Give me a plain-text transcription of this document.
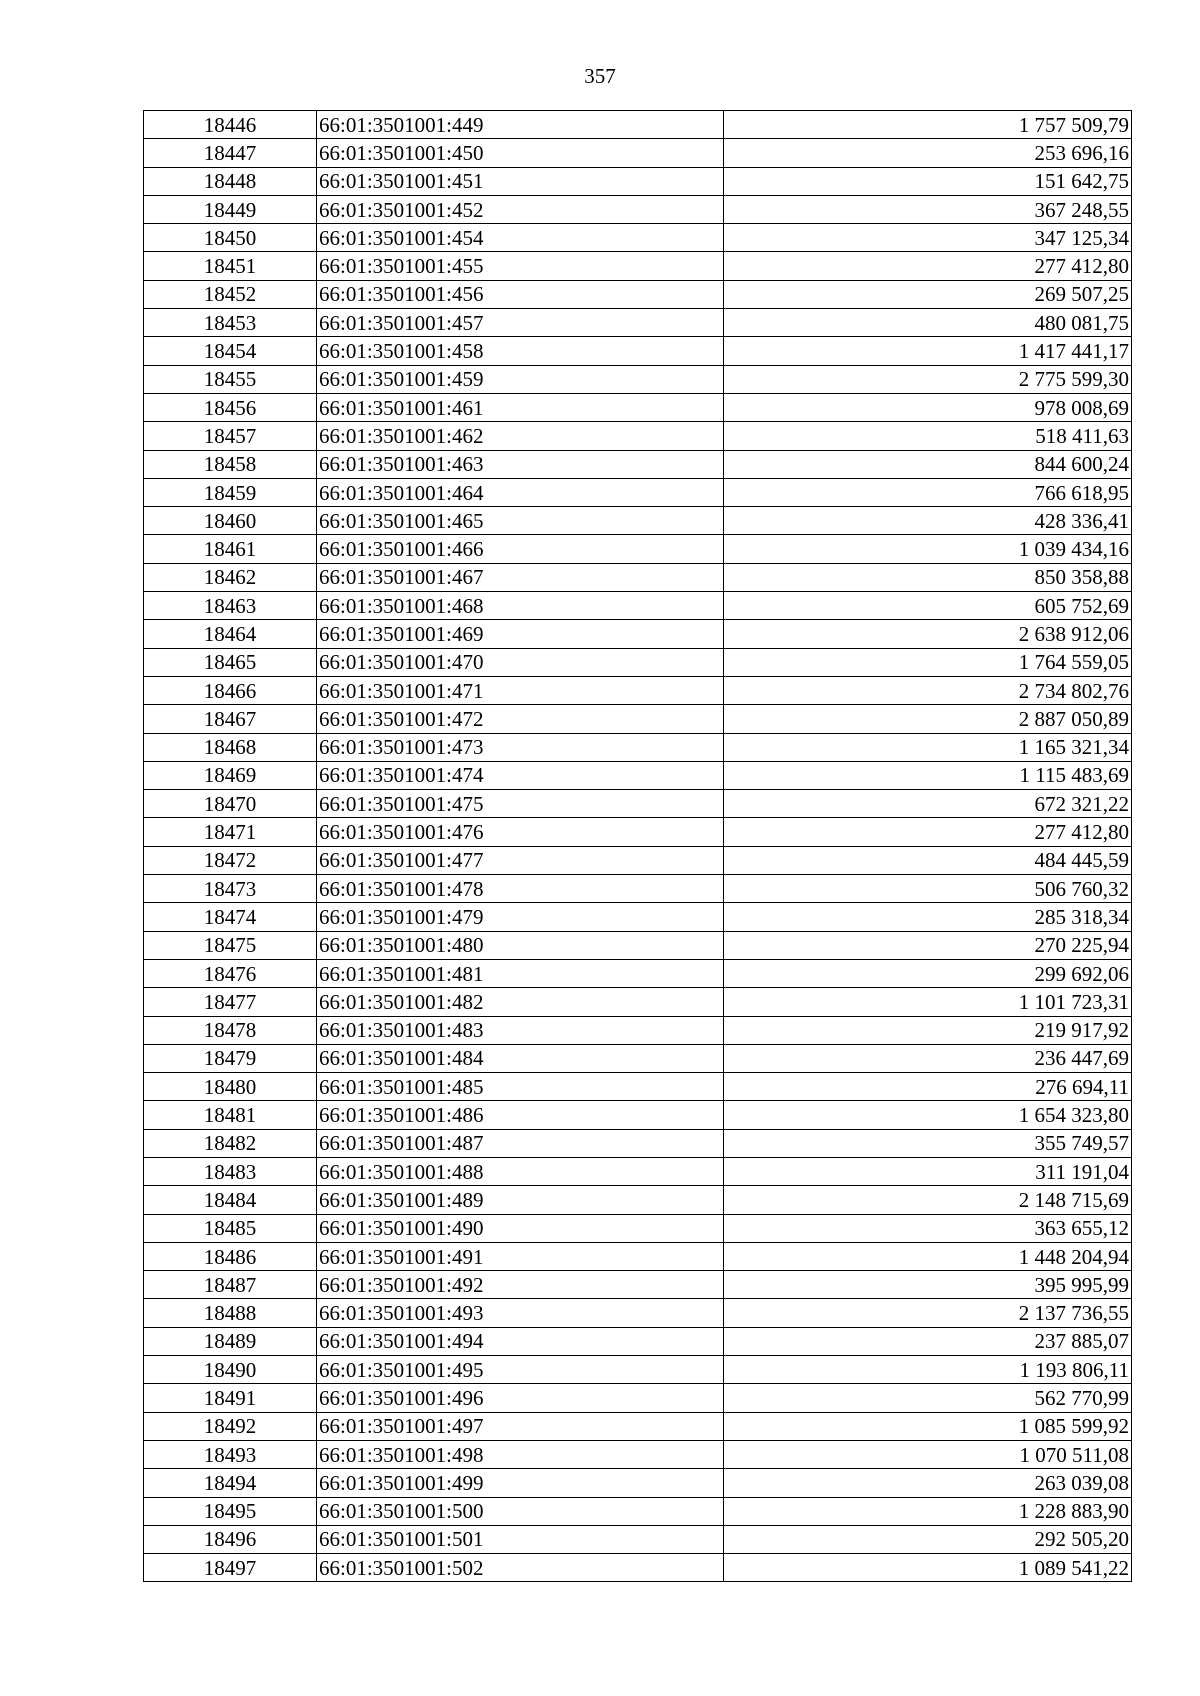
357
18446	66:01:3501001:449	1 757 509,79
18447	66:01:3501001:450	253 696,16
18448	66:01:3501001:451	151 642,75
18449	66:01:3501001:452	367 248,55
18450	66:01:3501001:454	347 125,34
18451	66:01:3501001:455	277 412,80
18452	66:01:3501001:456	269 507,25
18453	66:01:3501001:457	480 081,75
18454	66:01:3501001:458	1 417 441,17
18455	66:01:3501001:459	2 775 599,30
18456	66:01:3501001:461	978 008,69
18457	66:01:3501001:462	518 411,63
18458	66:01:3501001:463	844 600,24
18459	66:01:3501001:464	766 618,95
18460	66:01:3501001:465	428 336,41
18461	66:01:3501001:466	1 039 434,16
18462	66:01:3501001:467	850 358,88
18463	66:01:3501001:468	605 752,69
18464	66:01:3501001:469	2 638 912,06
18465	66:01:3501001:470	1 764 559,05
18466	66:01:3501001:471	2 734 802,76
18467	66:01:3501001:472	2 887 050,89
18468	66:01:3501001:473	1 165 321,34
18469	66:01:3501001:474	1 115 483,69
18470	66:01:3501001:475	672 321,22
18471	66:01:3501001:476	277 412,80
18472	66:01:3501001:477	484 445,59
18473	66:01:3501001:478	506 760,32
18474	66:01:3501001:479	285 318,34
18475	66:01:3501001:480	270 225,94
18476	66:01:3501001:481	299 692,06
18477	66:01:3501001:482	1 101 723,31
18478	66:01:3501001:483	219 917,92
18479	66:01:3501001:484	236 447,69
18480	66:01:3501001:485	276 694,11
18481	66:01:3501001:486	1 654 323,80
18482	66:01:3501001:487	355 749,57
18483	66:01:3501001:488	311 191,04
18484	66:01:3501001:489	2 148 715,69
18485	66:01:3501001:490	363 655,12
18486	66:01:3501001:491	1 448 204,94
18487	66:01:3501001:492	395 995,99
18488	66:01:3501001:493	2 137 736,55
18489	66:01:3501001:494	237 885,07
18490	66:01:3501001:495	1 193 806,11
18491	66:01:3501001:496	562 770,99
18492	66:01:3501001:497	1 085 599,92
18493	66:01:3501001:498	1 070 511,08
18494	66:01:3501001:499	263 039,08
18495	66:01:3501001:500	1 228 883,90
18496	66:01:3501001:501	292 505,20
18497	66:01:3501001:502	1 089 541,22
